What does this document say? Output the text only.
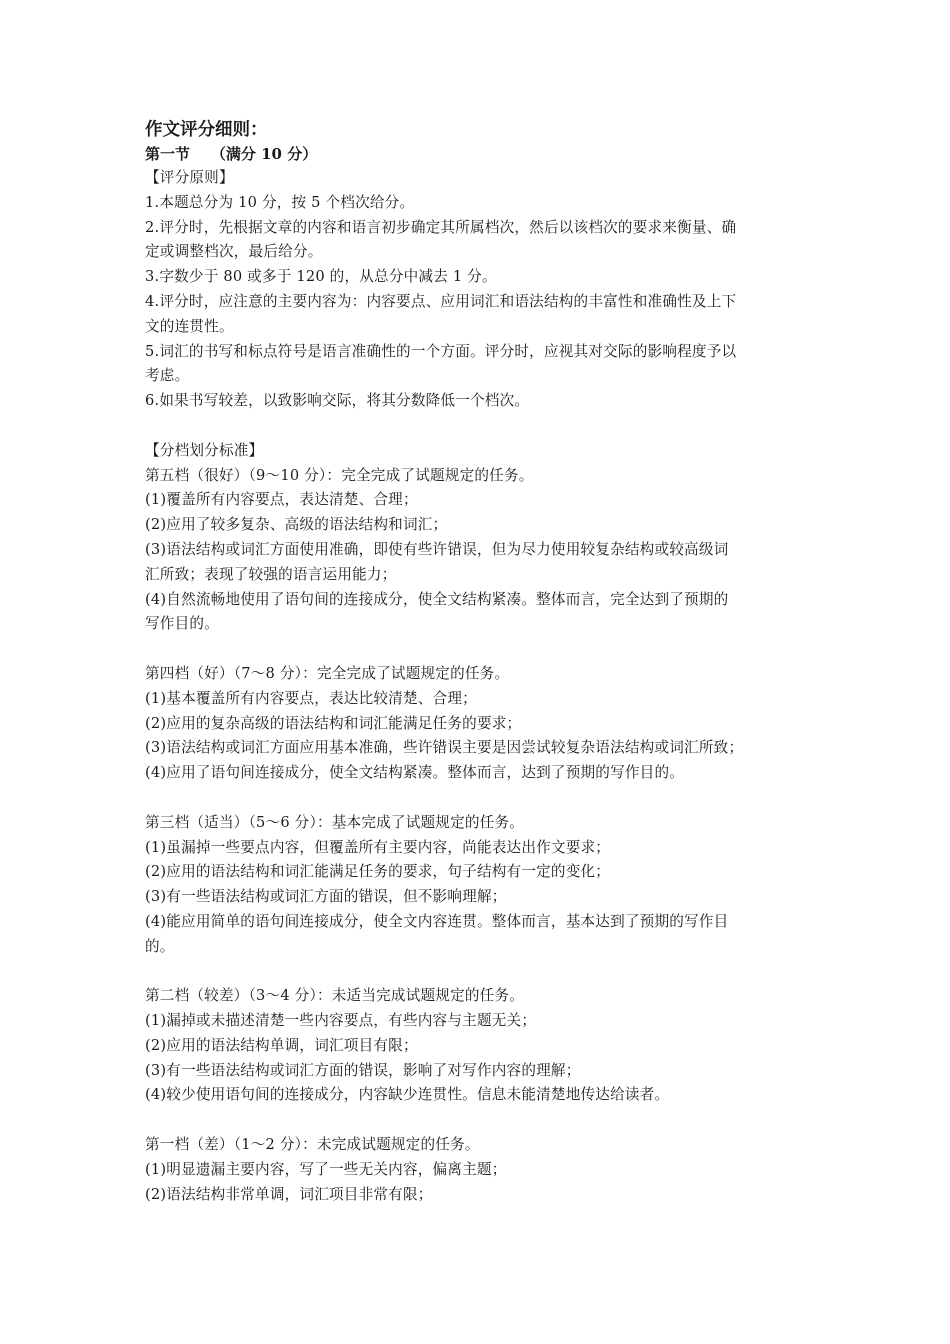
作文评分细则：

第一节    （满分 10 分）

【评分原则】

1.本题总分为 10 分，按 5 个档次给分。

2.评分时，先根据文章的内容和语言初步确定其所属档次，然后以该档次的要求来衡量、确

定或调整档次，最后给分。

3.字数少于 80 或多于 120 的，从总分中减去 1 分。

4.评分时，应注意的主要内容为：内容要点、应用词汇和语法结构的丰富性和准确性及上下

文的连贯性。

5.词汇的书写和标点符号是语言准确性的一个方面。评分时，应视其对交际的影响程度予以

考虑。

6.如果书写较差，以致影响交际，将其分数降低一个档次。

【分档划分标准】

第五档（很好）（9～10 分）：完全完成了试题规定的任务。

(1)覆盖所有内容要点，表达清楚、合理；

(2)应用了较多复杂、高级的语法结构和词汇；

(3)语法结构或词汇方面使用准确，即使有些许错误，但为尽力使用较复杂结构或较高级词

汇所致；表现了较强的语言运用能力；

(4)自然流畅地使用了语句间的连接成分，使全文结构紧凑。整体而言，完全达到了预期的

写作目的。

第四档（好）（7～8 分）：完全完成了试题规定的任务。

(1)基本覆盖所有内容要点，表达比较清楚、合理；

(2)应用的复杂高级的语法结构和词汇能满足任务的要求；

(3)语法结构或词汇方面应用基本准确，些许错误主要是因尝试较复杂语法结构或词汇所致；

(4)应用了语句间连接成分，使全文结构紧凑。整体而言，达到了预期的写作目的。

第三档（适当）（5～6 分）：基本完成了试题规定的任务。

(1)虽漏掉一些要点内容，但覆盖所有主要内容，尚能表达出作文要求；

(2)应用的语法结构和词汇能满足任务的要求，句子结构有一定的变化；

(3)有一些语法结构或词汇方面的错误，但不影响理解；

(4)能应用简单的语句间连接成分，使全文内容连贯。整体而言，基本达到了预期的写作目

的。

第二档（较差）（3～4 分）：未适当完成试题规定的任务。

(1)漏掉或未描述清楚一些内容要点，有些内容与主题无关；

(2)应用的语法结构单调，词汇项目有限；

(3)有一些语法结构或词汇方面的错误，影响了对写作内容的理解；

(4)较少使用语句间的连接成分，内容缺少连贯性。信息未能清楚地传达给读者。

第一档（差）（1～2 分）：未完成试题规定的任务。

(1)明显遗漏主要内容，写了一些无关内容，偏离主题；

(2)语法结构非常单调，词汇项目非常有限；
